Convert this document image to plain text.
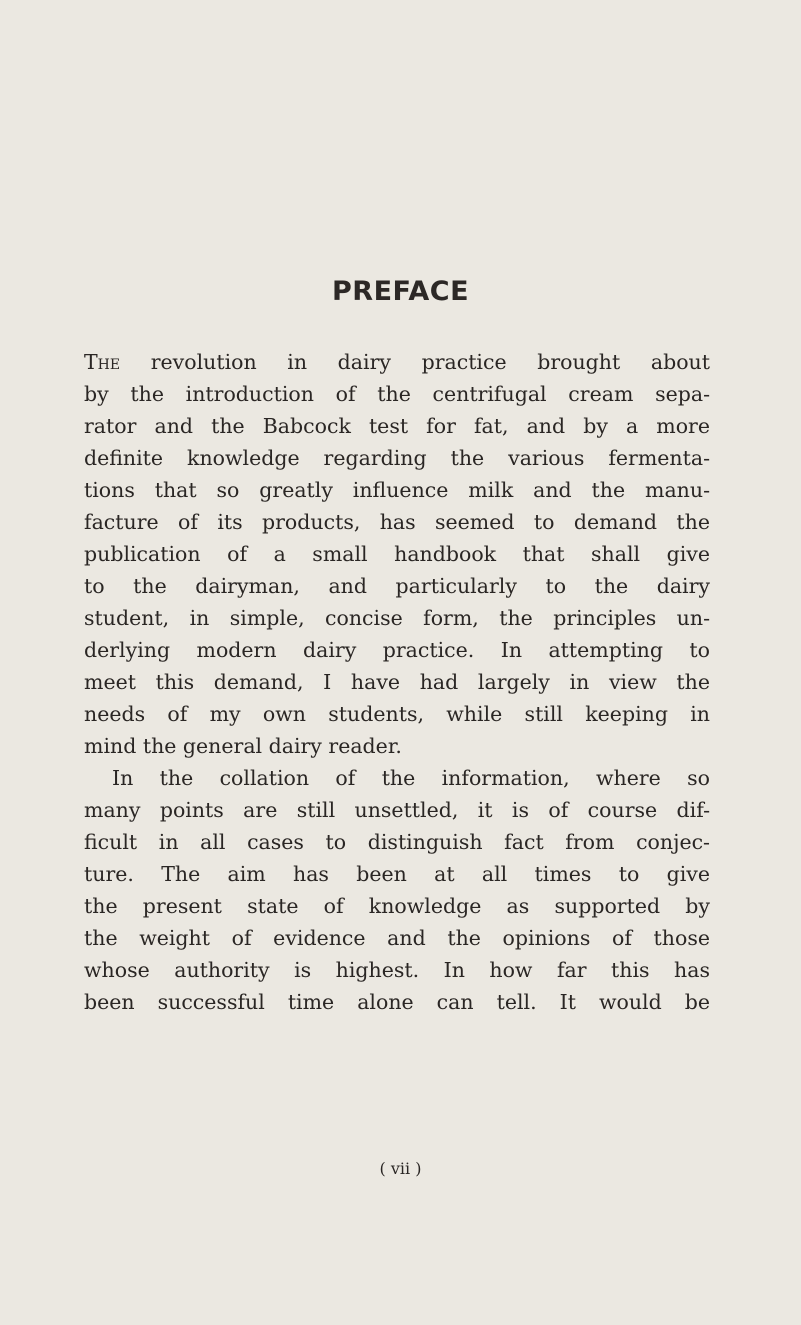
PREFACE
The revolution in dairy practice brought about
by the introduction of the centrifugal cream sepa-
rator and the Babcock test for fat, and by a more
definite knowledge regarding the various fermenta-
tions that so greatly influence milk and the manu-
facture of its products, has seemed to demand the
publication of a small handbook that shall give
to the dairyman, and particularly to the dairy
student, in simple, concise form, the principles un-
derlying modern dairy practice. In attempting to
meet this demand, I have had largely in view the
needs of my own students, while still keeping in
mind the general dairy reader.
In the collation of the information, where so
many points are still unsettled, it is of course dif-
ficult in all cases to distinguish fact from conjec-
ture. The aim has been at all times to give
the present state of knowledge as supported by
the weight of evidence and the opinions of those
whose authority is highest. In how far this has
been successful time alone can tell. It would be
( vii )
